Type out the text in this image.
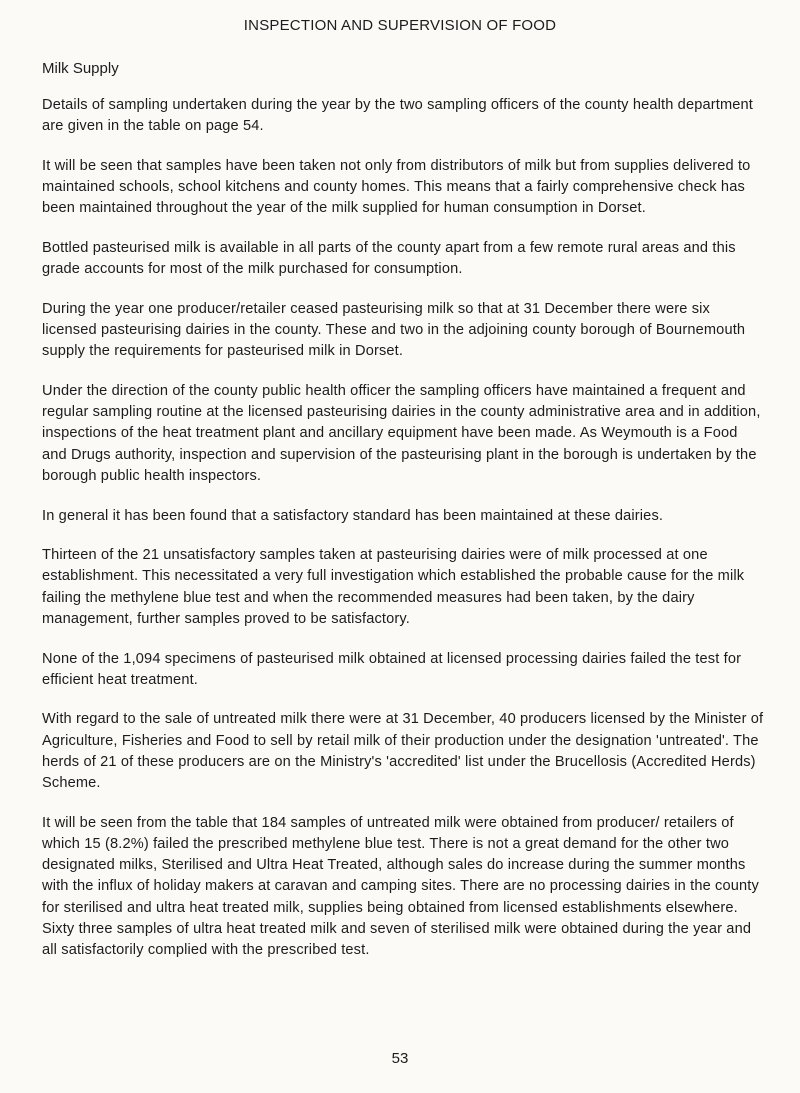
INSPECTION AND SUPERVISION OF FOOD
Milk Supply

Details of sampling undertaken during the year by the two sampling officers of the county health department are given in the table on page 54.

It will be seen that samples have been taken not only from distributors of milk but from supplies delivered to maintained schools, school kitchens and county homes. This means that a fairly comprehensive check has been maintained throughout the year of the milk supplied for human consumption in Dorset.

Bottled pasteurised milk is available in all parts of the county apart from a few remote rural areas and this grade accounts for most of the milk purchased for consumption.

During the year one producer/retailer ceased pasteurising milk so that at 31 December there were six licensed pasteurising dairies in the county. These and two in the adjoining county borough of Bournemouth supply the requirements for pasteurised milk in Dorset.

Under the direction of the county public health officer the sampling officers have maintained a frequent and regular sampling routine at the licensed pasteurising dairies in the county administrative area and in addition, inspections of the heat treatment plant and ancillary equipment have been made. As Weymouth is a Food and Drugs authority, inspection and supervision of the pasteurising plant in the borough is undertaken by the borough public health inspectors.

In general it has been found that a satisfactory standard has been maintained at these dairies.

Thirteen of the 21 unsatisfactory samples taken at pasteurising dairies were of milk processed at one establishment. This necessitated a very full investigation which established the probable cause for the milk failing the methylene blue test and when the recommended measures had been taken, by the dairy management, further samples proved to be satisfactory.

None of the 1,094 specimens of pasteurised milk obtained at licensed processing dairies failed the test for efficient heat treatment.

With regard to the sale of untreated milk there were at 31 December, 40 producers licensed by the Minister of Agriculture, Fisheries and Food to sell by retail milk of their production under the designation 'untreated'. The herds of 21 of these producers are on the Ministry's 'accredited' list under the Brucellosis (Accredited Herds) Scheme.

It will be seen from the table that 184 samples of untreated milk were obtained from producer/ retailers of which 15 (8.2%) failed the prescribed methylene blue test. There is not a great demand for the other two designated milks, Sterilised and Ultra Heat Treated, although sales do increase during the summer months with the influx of holiday makers at caravan and camping sites. There are no processing dairies in the county for sterilised and ultra heat treated milk, supplies being obtained from licensed establishments elsewhere. Sixty three samples of ultra heat treated milk and seven of sterilised milk were obtained during the year and all satisfactorily complied with the prescribed test.

53
